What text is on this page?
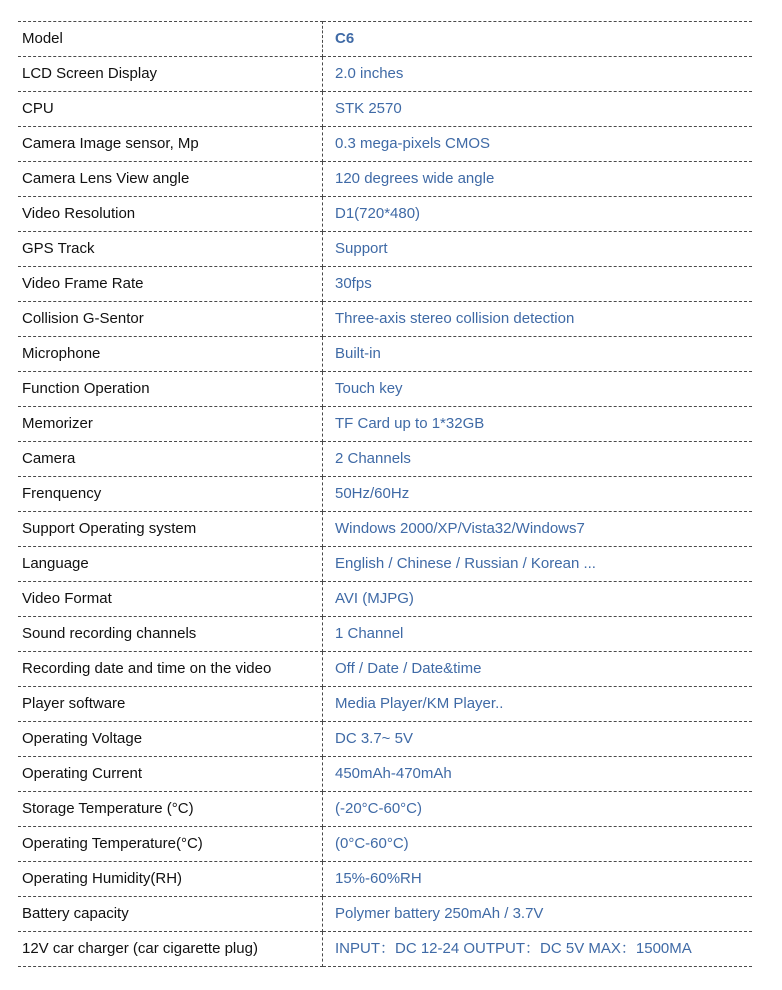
Model	C6
LCD Screen Display	2.0 inches
CPU	STK 2570
Camera Image sensor, Mp	0.3 mega-pixels CMOS
Camera Lens View angle	120 degrees wide angle
Video Resolution	D1(720*480)
GPS Track	Support
Video Frame Rate	30fps
Collision G-Sentor	Three-axis stereo collision detection
Microphone	Built-in
Function Operation	Touch key
Memorizer	TF Card up to 1*32GB
Camera	2 Channels
Frenquency	50Hz/60Hz
Support Operating system	Windows 2000/XP/Vista32/Windows7
Language	English / Chinese / Russian / Korean ...
Video Format	AVI (MJPG)
Sound recording channels	1 Channel
Recording date and time on the video	Off / Date / Date&time
Player software	Media Player/KM Player..
Operating Voltage	DC 3.7~ 5V
Operating Current	450mAh-470mAh
Storage Temperature (°C)	(-20°C-60°C)
Operating Temperature(°C)	(0°C-60°C)
Operating Humidity(RH)	15%-60%RH
Battery capacity	Polymer battery 250mAh / 3.7V
12V car charger (car cigarette plug)	INPUT：DC 12-24 OUTPUT：DC 5V MAX：1500MA
